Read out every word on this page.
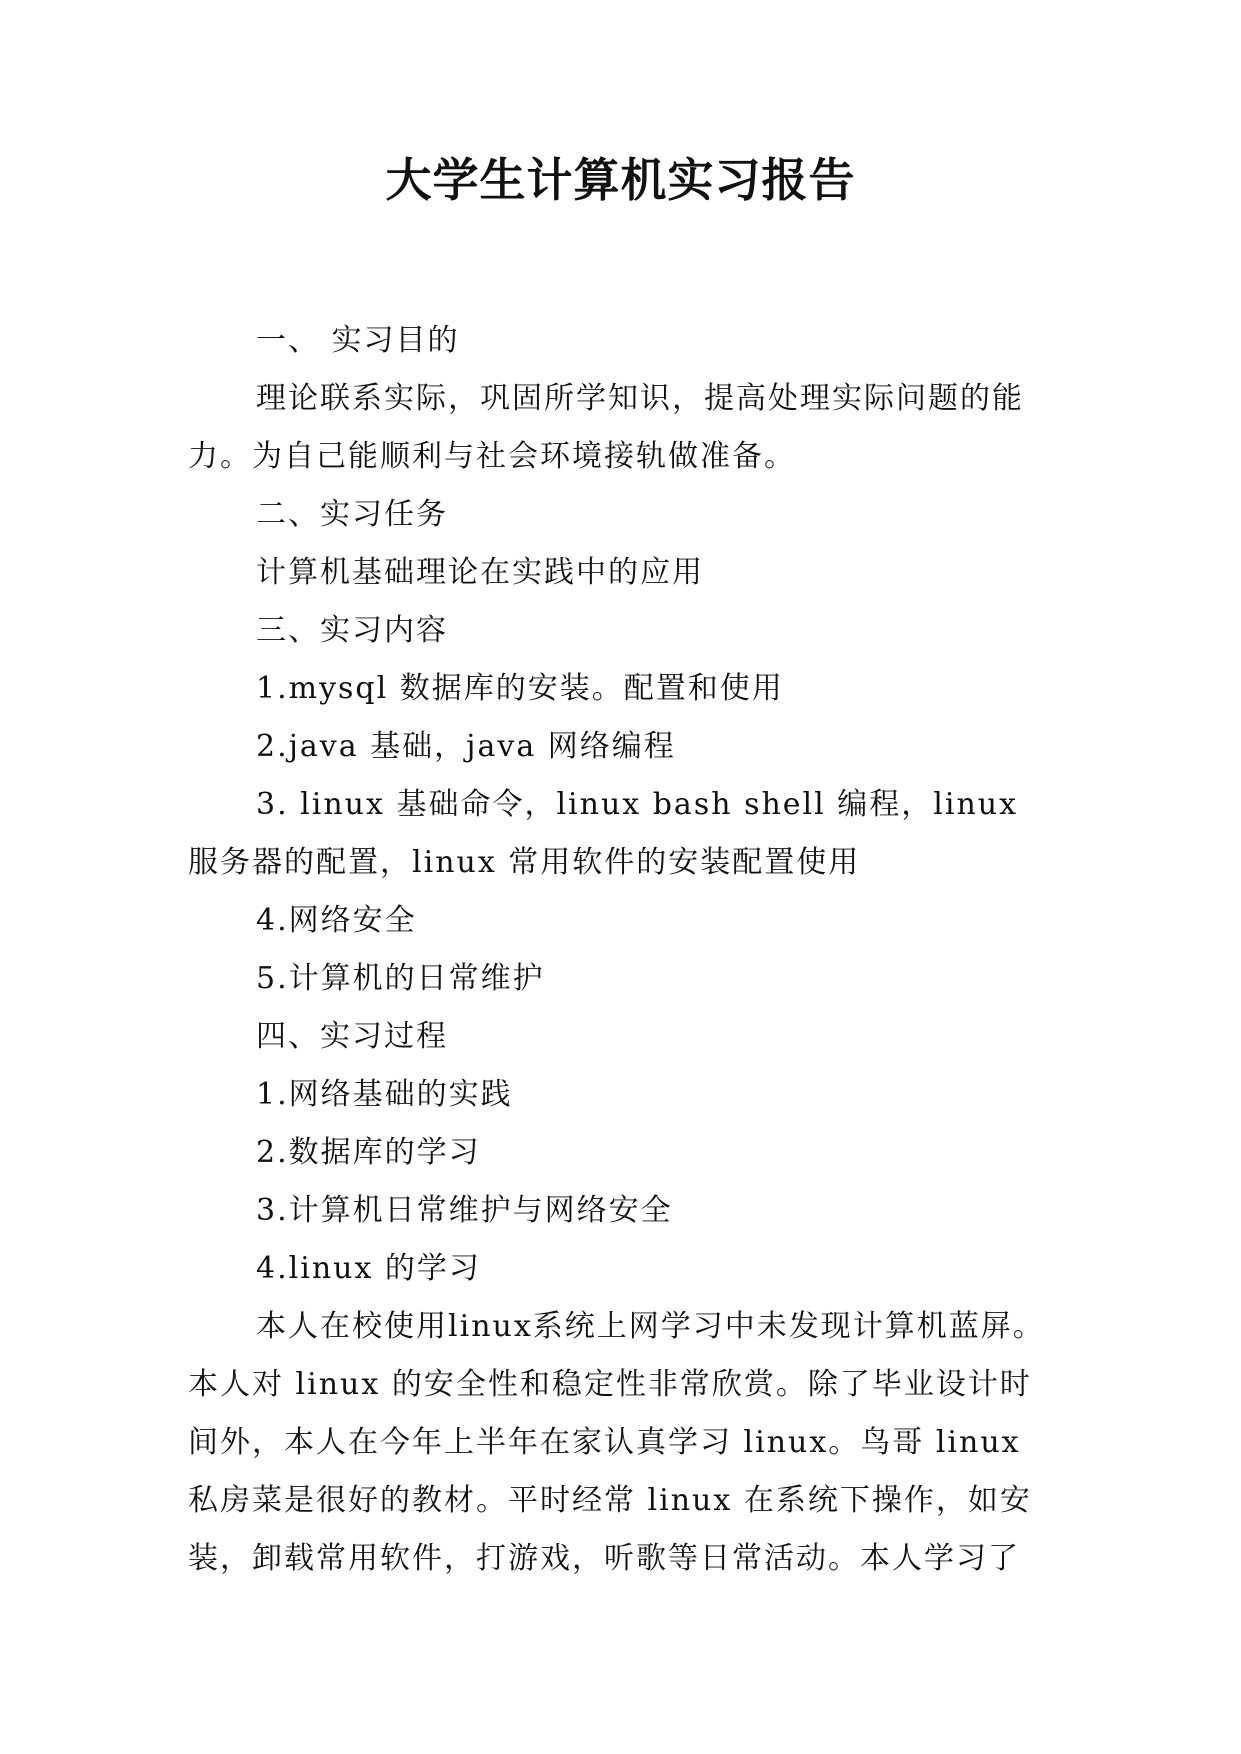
大学生计算机实习报告

一、 实习目的

理论联系实际，巩固所学知识，提高处理实际问题的能力。为自己能顺利与社会环境接轨做准备。

二、实习任务

计算机基础理论在实践中的应用

三、实习内容

1.mysql 数据库的安装。配置和使用

2.java 基础，java 网络编程

3. linux 基础命令，linux bash shell 编程，linux 服务器的配置，linux 常用软件的安装配置使用

4.网络安全

5.计算机的日常维护

四、实习过程

1.网络基础的实践

2.数据库的学习

3.计算机日常维护与网络安全

4.linux 的学习

本人在校使用linux系统上网学习中未发现计算机蓝屏。本人对 linux 的安全性和稳定性非常欣赏。除了毕业设计时间外，本人在今年上半年在家认真学习 linux。鸟哥 linux 私房菜是很好的教材。平时经常 linux 在系统下操作，如安装，卸载常用软件，打游戏，听歌等日常活动。本人学习了
